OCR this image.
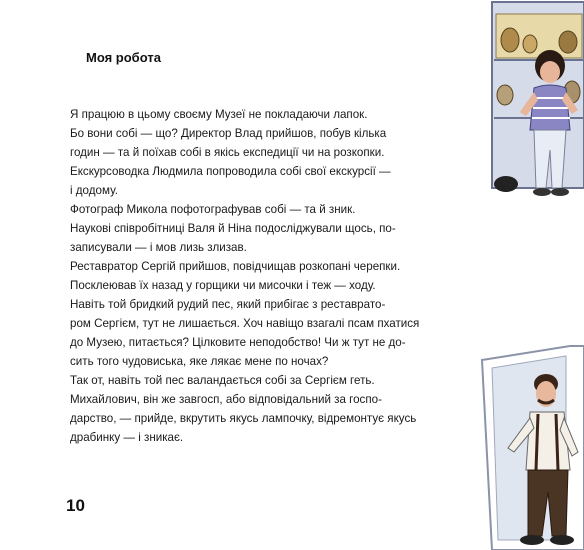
Моя робота

Я працюю в цьому своєму Музеї не покладаючи лапок.

Бо вони собі — що? Директор Влад прийшов, побув кілька

годин — та й поїхав собі в якісь експедиції чи на розкопки.

Екскурсоводка Людмила попроводила собі свої екскурсії —

і додому.

Фотограф Микола пофотографував собі — та й зник.

Наукові співробітниці Валя й Ніна подосліджували щось, по-

записували — і мов лизь злизав.

Реставратор Сергій прийшов, повідчищав розкопані черепки.

Посклеював їх назад у горщики чи мисочки і теж — ходу.

Навіть той бридкий рудий пес, який прибігає з реставрато-

ром Сергієм, тут не лишається. Хоч навіщо взагалі псам пхатися

до Музею, питається? Цілковите неподобство! Чи ж тут не до-

сить того чудовиська, яке лякає мене по ночах?

Так от, навіть той пес валандається собі за Сергієм геть.

Михайлович, він же завгосп, або відповідальний за госпо-

дарство, — прийде, вкрутить якусь лампочку, відремонтує якусь

драбинку — і зникає.

10
